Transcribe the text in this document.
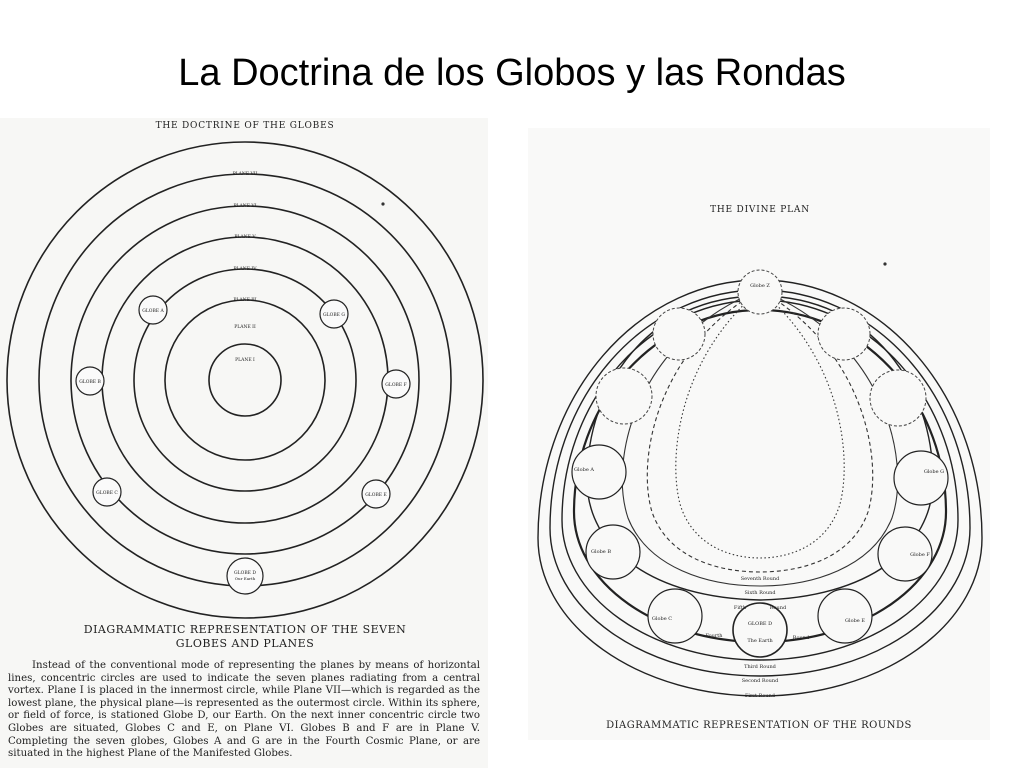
La Doctrina de los Globos y las Rondas
THE DOCTRINE OF THE GLOBES
PLANE VII
PLANE VI
PLANE V
PLANE IV
PLANE III
PLANE II
PLANE I
GLOBE A
GLOBE G
GLOBE B
GLOBE F
GLOBE C	GLOBE E
GLOBE D
Our Earth
DIAGRAMMATIC REPRESENTATION OF THE SEVEN
GLOBES AND PLANES
Instead of the conventional mode of representing the planes by means of horizontal lines, concentric circles are used to indicate the seven planes radiating from a central vortex. Plane I is placed in the innermost circle, while Plane VII—which is regarded as the lowest plane, the physical plane—is represented as the outermost circle. Within its sphere, or field of force, is stationed Globe D, our Earth. On the next inner concentric circle two Globes are situated, Globes C and E, on Plane VI. Globes B and F are in Plane V. Completing the seven globes, Globes A and G are in the Fourth Cosmic Plane, or are situated in the highest Plane of the Manifested Globes.
THE DIVINE PLAN
Globe Z
Globe A	Globe G
Globe B	Globe F
Globe C	Globe E
GLOBE D
The Earth
Seventh Round
Sixth Round
Fifth	Round
Fourth	Round
Third Round
Second Round
First Round
DIAGRAMMATIC REPRESENTATION OF THE ROUNDS
